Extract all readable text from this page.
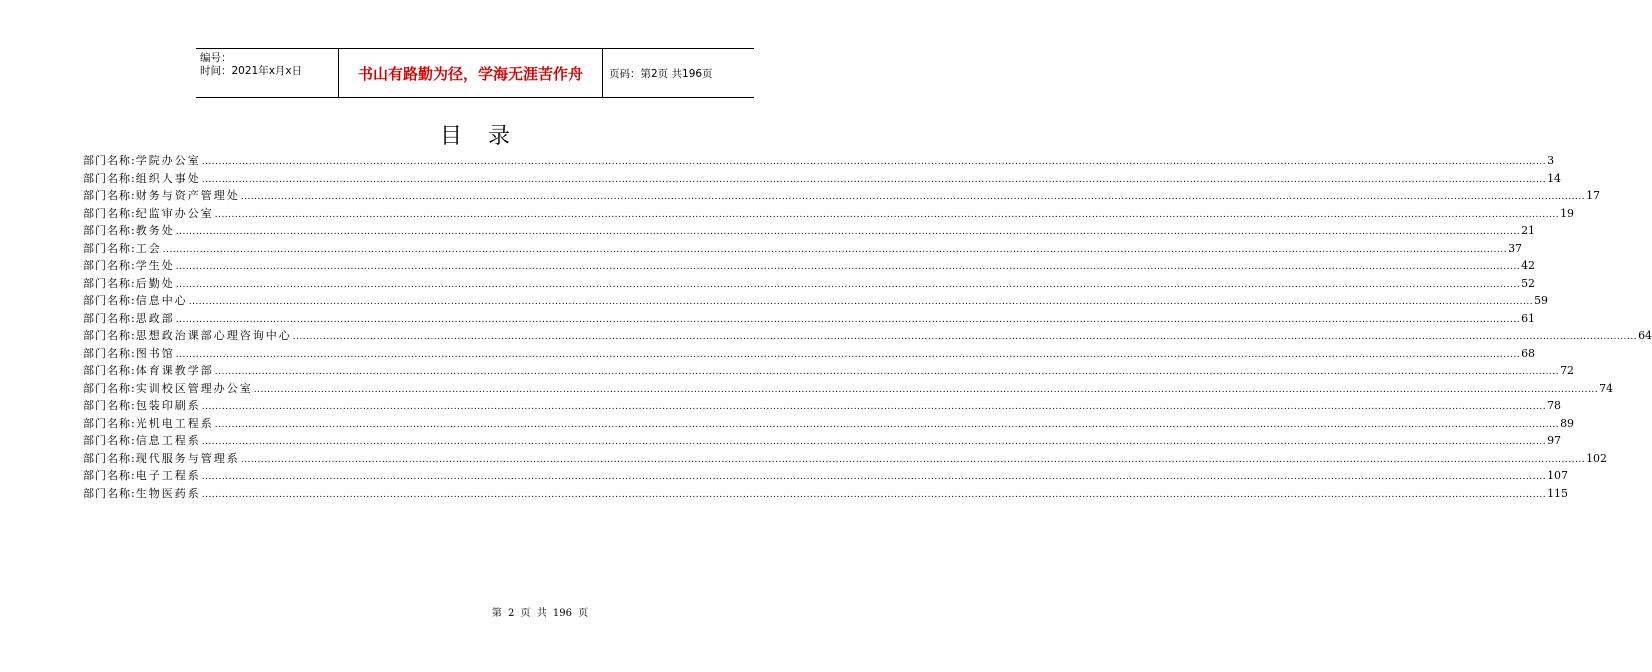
编号：
时间：2021年x月x日	书山有路勤为径，学海无涯苦作舟	页码：第2页 共196页
目录
部门名称: 学院办公室 ................................................................................................................................................................................................................................................................................................................................................................................................................ 3
部门名称: 组织人事处 ................................................................................................................................................................................................................................................................................................................................................................................................................ 14
部门名称: 财务与资产管理处 ................................................................................................................................................................................................................................................................................................................................................................................................................ 17
部门名称: 纪监审办公室 ................................................................................................................................................................................................................................................................................................................................................................................................................ 19
部门名称: 教务处 ................................................................................................................................................................................................................................................................................................................................................................................................................ 21
部门名称: 工会 ................................................................................................................................................................................................................................................................................................................................................................................................................ 37
部门名称: 学生处 ................................................................................................................................................................................................................................................................................................................................................................................................................ 42
部门名称: 后勤处 ................................................................................................................................................................................................................................................................................................................................................................................................................ 52
部门名称: 信息中心 ................................................................................................................................................................................................................................................................................................................................................................................................................ 59
部门名称: 思政部 ................................................................................................................................................................................................................................................................................................................................................................................................................ 61
部门名称: 思想政治课部心理咨询中心 ................................................................................................................................................................................................................................................................................................................................................................................................................ 64
部门名称: 图书馆 ................................................................................................................................................................................................................................................................................................................................................................................................................ 68
部门名称: 体育课教学部 ................................................................................................................................................................................................................................................................................................................................................................................................................ 72
部门名称: 实训校区管理办公室 ................................................................................................................................................................................................................................................................................................................................................................................................................ 74
部门名称: 包装印刷系 ................................................................................................................................................................................................................................................................................................................................................................................................................ 78
部门名称: 光机电工程系 ................................................................................................................................................................................................................................................................................................................................................................................................................ 89
部门名称: 信息工程系 ................................................................................................................................................................................................................................................................................................................................................................................................................ 97
部门名称: 现代服务与管理系 ................................................................................................................................................................................................................................................................................................................................................................................................................ 102
部门名称: 电子工程系 ................................................................................................................................................................................................................................................................................................................................................................................................................ 107
部门名称: 生物医药系 ................................................................................................................................................................................................................................................................................................................................................................................................................ 115
第 2 页 共 196 页
